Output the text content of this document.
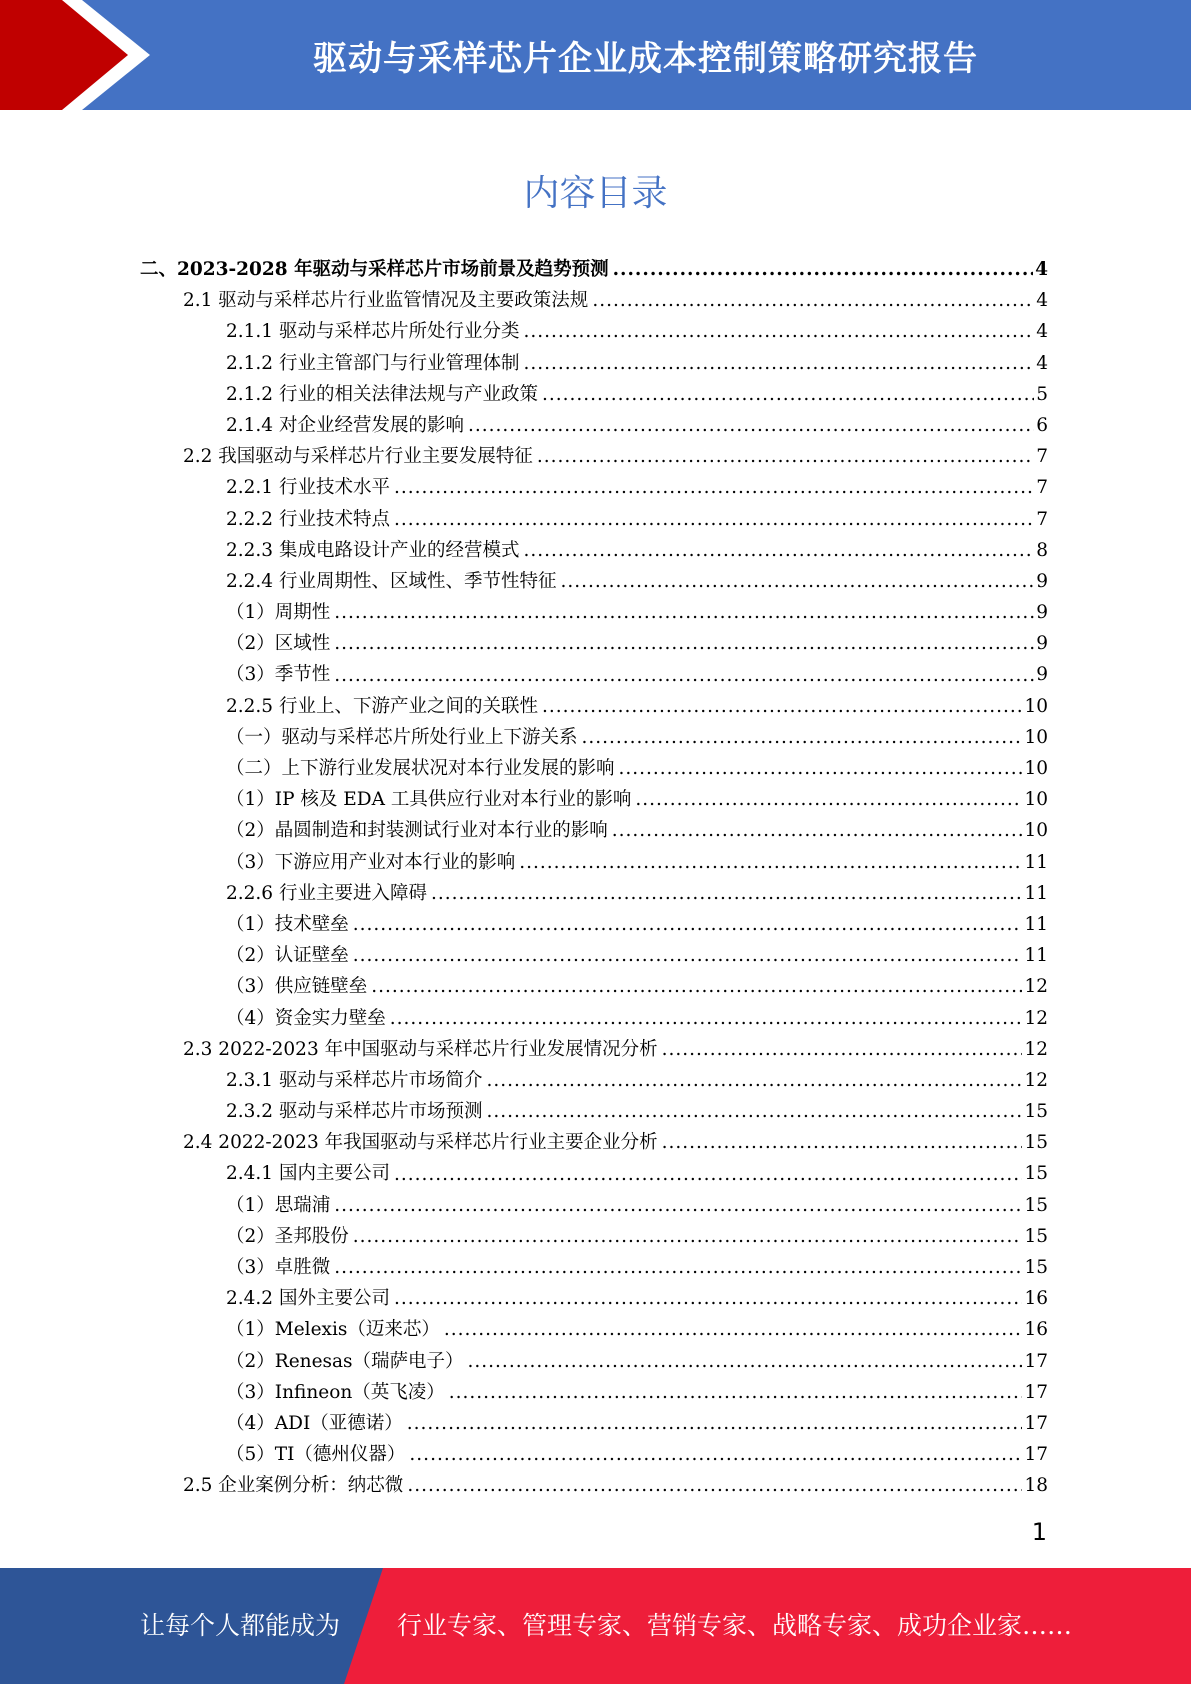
驱动与采样芯片企业成本控制策略研究报告
内容目录
二、2023-2028 年驱动与采样芯片市场前景及趋势预测 .....	4
2.1 驱动与采样芯片行业监管情况及主要政策法规 .....	4
2.1.1 驱动与采样芯片所处行业分类 .....	4
2.1.2 行业主管部门与行业管理体制 .....	4
2.1.2 行业的相关法律法规与产业政策 .....	5
2.1.4 对企业经营发展的影响 .....	6
2.2 我国驱动与采样芯片行业主要发展特征 .....	7
2.2.1 行业技术水平 .....	7
2.2.2 行业技术特点 .....	7
2.2.3 集成电路设计产业的经营模式 .....	8
2.2.4 行业周期性、区域性、季节性特征 .....	9
（1）周期性 .....	9
（2）区域性 .....	9
（3）季节性 .....	9
2.2.5 行业上、下游产业之间的关联性 .....	10
（一）驱动与采样芯片所处行业上下游关系 .....	10
（二）上下游行业发展状况对本行业发展的影响 .....	10
（1）IP 核及 EDA 工具供应行业对本行业的影响 .....	10
（2）晶圆制造和封装测试行业对本行业的影响 .....	10
（3）下游应用产业对本行业的影响 .....	11
2.2.6 行业主要进入障碍 .....	11
（1）技术壁垒 .....	11
（2）认证壁垒 .....	11
（3）供应链壁垒 .....	12
（4）资金实力壁垒 .....	12
2.3 2022-2023 年中国驱动与采样芯片行业发展情况分析 .....	12
2.3.1 驱动与采样芯片市场简介 .....	12
2.3.2 驱动与采样芯片市场预测 .....	15
2.4 2022-2023 年我国驱动与采样芯片行业主要企业分析 .....	15
2.4.1 国内主要公司 .....	15
（1）思瑞浦 .....	15
（2）圣邦股份 .....	15
（3）卓胜微 .....	15
2.4.2 国外主要公司 .....	16
（1）Melexis（迈来芯） .....	16
（2）Renesas（瑞萨电子） .....	17
（3）Infineon（英飞凌） .....	17
（4）ADI（亚德诺） .....	17
（5）TI（德州仪器） .....	17
2.5 企业案例分析：纳芯微 .....	18
1
让每个人都能成为 行业专家、管理专家、营销专家、战略专家、成功企业家……
